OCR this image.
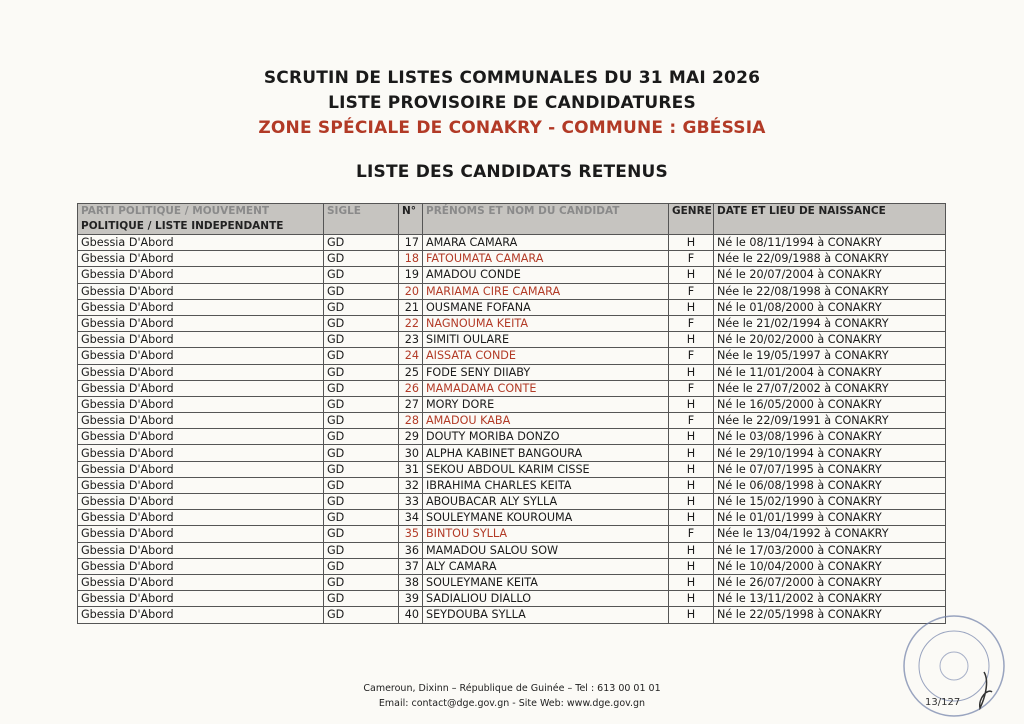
SCRUTIN DE LISTES COMMUNALES DU 31 MAI 2026
LISTE PROVISOIRE DE CANDIDATURES
ZONE SPÉCIALE DE CONAKRY - COMMUNE : GBÉSSIA
LISTE DES CANDIDATS RETENUS
PARTI POLITIQUE / MOUVEMENT
POLITIQUE / LISTE INDEPENDANTE	SIGLE	N°	PRÉNOMS ET NOM DU CANDIDAT	GENRE	DATE ET LIEU DE NAISSANCE
Gbessia D'Abord	GD	17	AMARA CAMARA	H	Né le 08/11/1994 à CONAKRY
Gbessia D'Abord	GD	18	FATOUMATA CAMARA	F	Née le 22/09/1988 à CONAKRY
Gbessia D'Abord	GD	19	AMADOU CONDE	H	Né le 20/07/2004 à CONAKRY
Gbessia D'Abord	GD	20	MARIAMA CIRE CAMARA	F	Née le 22/08/1998 à CONAKRY
Gbessia D'Abord	GD	21	OUSMANE FOFANA	H	Né le 01/08/2000 à CONAKRY
Gbessia D'Abord	GD	22	NAGNOUMA KEITA	F	Née le 21/02/1994 à CONAKRY
Gbessia D'Abord	GD	23	SIMITI OULARE	H	Né le 20/02/2000 à CONAKRY
Gbessia D'Abord	GD	24	AISSATA CONDE	F	Née le 19/05/1997 à CONAKRY
Gbessia D'Abord	GD	25	FODE SENY DIIABY	H	Né le 11/01/2004 à CONAKRY
Gbessia D'Abord	GD	26	MAMADAMA CONTE	F	Née le 27/07/2002 à CONAKRY
Gbessia D'Abord	GD	27	MORY DORE	H	Né le 16/05/2000 à CONAKRY
Gbessia D'Abord	GD	28	AMADOU KABA	F	Née le 22/09/1991 à CONAKRY
Gbessia D'Abord	GD	29	DOUTY MORIBA DONZO	H	Né le 03/08/1996 à CONAKRY
Gbessia D'Abord	GD	30	ALPHA KABINET BANGOURA	H	Né le 29/10/1994 à CONAKRY
Gbessia D'Abord	GD	31	SEKOU ABDOUL KARIM CISSE	H	Né le 07/07/1995 à CONAKRY
Gbessia D'Abord	GD	32	IBRAHIMA CHARLES KEITA	H	Né le 06/08/1998 à CONAKRY
Gbessia D'Abord	GD	33	ABOUBACAR ALY SYLLA	H	Né le 15/02/1990 à CONAKRY
Gbessia D'Abord	GD	34	SOULEYMANE KOUROUMA	H	Né le 01/01/1999 à CONAKRY
Gbessia D'Abord	GD	35	BINTOU SYLLA	F	Née le 13/04/1992 à CONAKRY
Gbessia D'Abord	GD	36	MAMADOU SALOU SOW	H	Né le 17/03/2000 à CONAKRY
Gbessia D'Abord	GD	37	ALY CAMARA	H	Né le 10/04/2000 à CONAKRY
Gbessia D'Abord	GD	38	SOULEYMANE KEITA	H	Né le 26/07/2000 à CONAKRY
Gbessia D'Abord	GD	39	SADIALIOU DIALLO	H	Né le 13/11/2002 à CONAKRY
Gbessia D'Abord	GD	40	SEYDOUBA SYLLA	H	Né le 22/05/1998 à CONAKRY
Cameroun, Dixinn – République de Guinée – Tel : 613 00 01 01
Email: contact@dge.gov.gn - Site Web: www.dge.gov.gn	13/127
